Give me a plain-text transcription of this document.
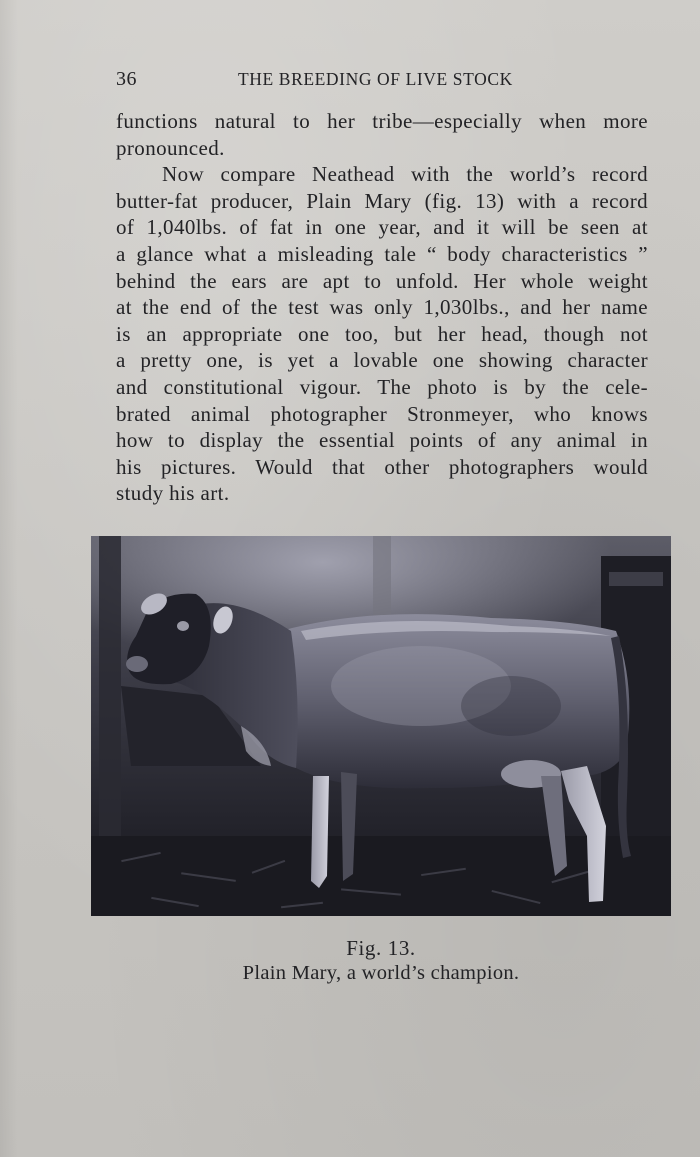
36	THE BREEDING OF LIVE STOCK
functions natural to her tribe—especially when more
pronounced.
Now compare Neathead with the world’s record
butter-fat producer, Plain Mary (fig. 13) with a record
of 1,040lbs. of fat in one year, and it will be seen at
a glance what a misleading tale “ body characteristics ”
behind the ears are apt to unfold. Her whole weight
at the end of the test was only 1,030lbs., and her name
is an appropriate one too, but her head, though not
a pretty one, is yet a lovable one showing character
and constitutional vigour. The photo is by the cele-
brated animal photographer Stronmeyer, who knows
how to display the essential points of any animal in
his pictures. Would that other photographers would
study his art.
Fig. 13.
Plain Mary, a world’s champion.
